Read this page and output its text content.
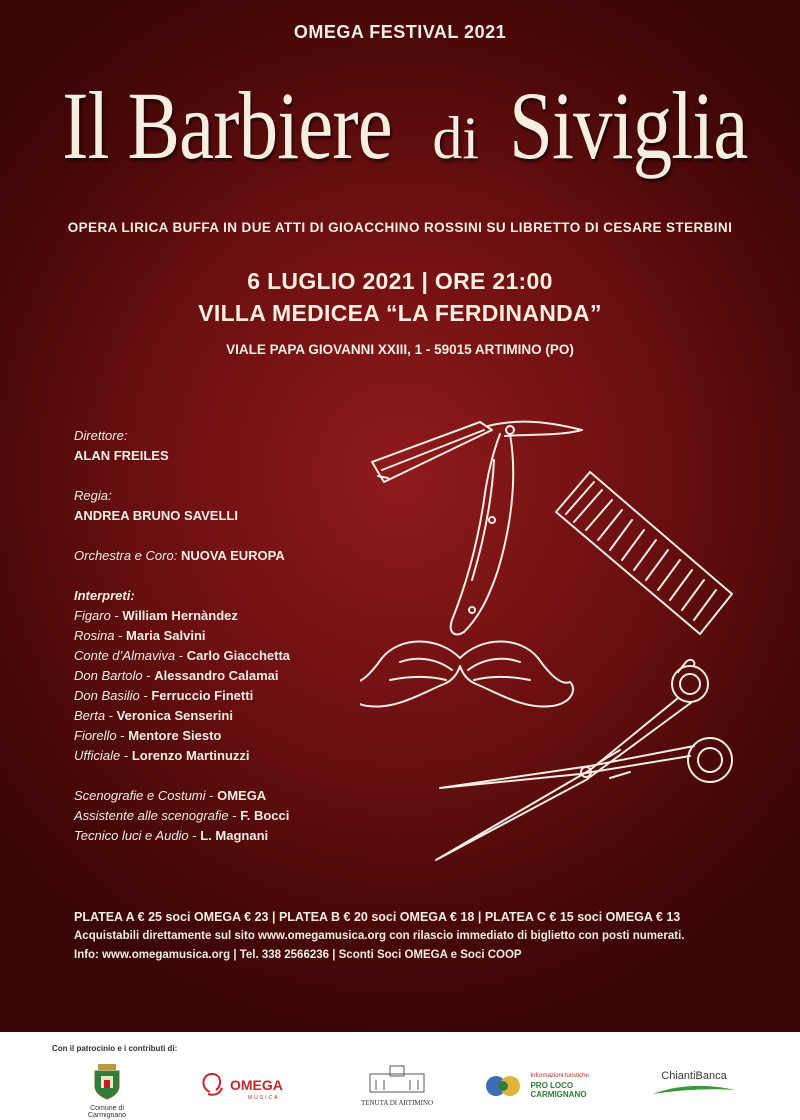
OMEGA FESTIVAL 2021
Il Barbiere di Siviglia
OPERA LIRICA BUFFA IN DUE ATTI DI GIOACCHINO ROSSINI SU LIBRETTO DI CESARE STERBINI
6 LUGLIO 2021 | ORE 21:00
VILLA MEDICEA “LA FERDINANDA”
VIALE PAPA GIOVANNI XXIII, 1 - 59015 ARTIMINO (PO)
Direttore:
ALAN FREILES
Regia:
ANDREA BRUNO SAVELLI
Orchestra e Coro: NUOVA EUROPA
Interpreti:
Figaro - William Hernàndez
Rosina - Maria Salvini
Conte d’Almaviva - Carlo Giacchetta
Don Bartolo - Alessandro Calamai
Don Basilio - Ferruccio Finetti
Berta - Veronica Senserini
Fiorello - Mentore Siesto
Ufficiale - Lorenzo Martinuzzi
Scenografie e Costumi - OMEGA
Assistente alle scenografie - F. Bocci
Tecnico luci e Audio - L. Magnani
PLATEA A € 25 soci OMEGA € 23 | PLATEA B € 20 soci OMEGA € 18 | PLATEA C € 15 soci OMEGA € 13
Acquistabili direttamente sul sito www.omegamusica.org con rilascio immediato di biglietto con posti numerati.
Info: www.omegamusica.org | Tel. 338 2566236 | Sconti Soci OMEGA e Soci COOP
Con il patrocinio e i contributi di:
Comune di Carmignano
OMEGA
MUSICA
TENUTA DI ARTIMINO

Informazioni turistiche
PRO LOCO CARMIGNANO
ChiantiBanca
